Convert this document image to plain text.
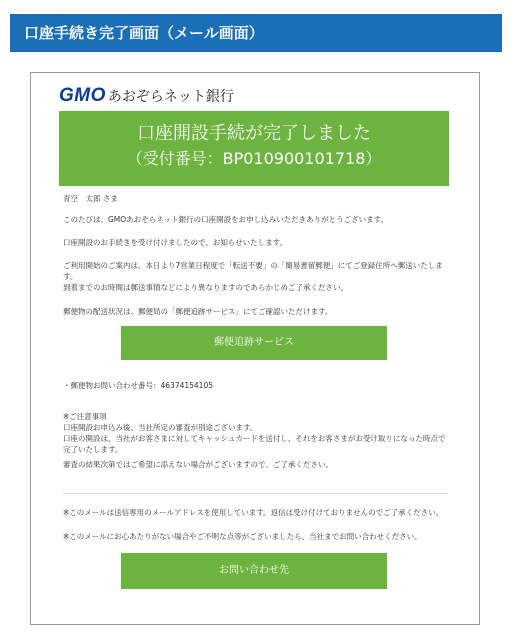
口座手続き完了画面（メール画面）
GMO あおぞらネット銀行
口座開設手続が完了しました
（受付番号：BP010900101718）
青空　太郎 さま
このたびは、GMOあおぞらネット銀行の口座開設をお申し込みいただきありがとうございます。
口座開設のお手続きを受け付けましたので、お知らせいたします。
ご利用開始のご案内は、本日より7営業日程度で「転送不要」の「簡易書留郵便」にてご登録住所へ郵送いたします。
到着までのお時間は郵送事情などにより異なりますのであらかじめご了承ください。
郵便物の配送状況は、郵便局の「郵便追跡サービス」にてご確認いただけます。
郵便追跡サービス
・郵便物お問い合わせ番号：46374154105
※ご注意事項
口座開設お申込み後、当社所定の審査が別途ございます。
口座の開設は、当社がお客さまに対してキャッシュカードを送付し、それをお客さまがお受け取りになった時点で完了いたします。
審査の結果次第ではご希望に添えない場合がございますので、ご了承ください。
※このメールは送信専用のメールアドレスを使用しています。返信は受け付けておりませんのでご了承ください。
※このメールにお心あたりがない場合やご不明な点等がございましたら、当社までお問い合わせください。
お問い合わせ先
